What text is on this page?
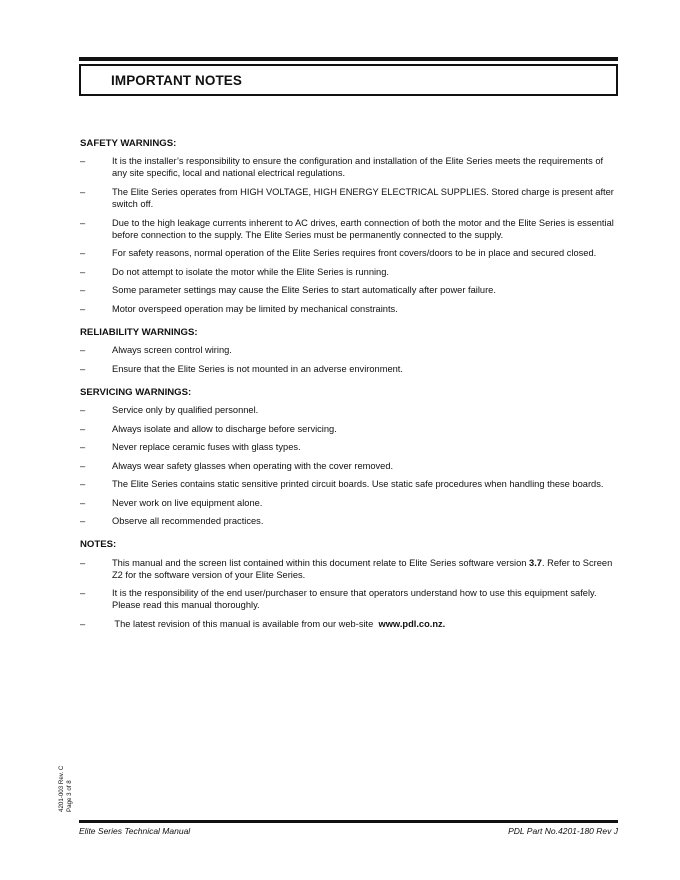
IMPORTANT NOTES
SAFETY WARNINGS:
–	It is the installer’s responsibility to ensure the configuration and installation of the Elite Series meets the requirements of any site specific, local and national electrical regulations.
–	The Elite Series operates from HIGH VOLTAGE, HIGH ENERGY ELECTRICAL SUPPLIES. Stored charge is present after switch off.
–	Due to the high leakage currents inherent to AC drives, earth connection of both the motor and the Elite Series is essential before connection to the supply. The Elite Series must be permanently connected to the supply.
–	For safety reasons, normal operation of the Elite Series requires front covers/doors to be in place and secured closed.
–	Do not attempt to isolate the motor while the Elite Series is running.
–	Some parameter settings may cause the Elite Series to start automatically after power failure.
–	Motor overspeed operation may be limited by mechanical constraints.
RELIABILITY WARNINGS:
–	Always screen control wiring.
–	Ensure that the Elite Series is not mounted in an adverse environment.
SERVICING WARNINGS:
–	Service only by qualified personnel.
–	Always isolate and allow to discharge before servicing.
–	Never replace ceramic fuses with glass types.
–	Always wear safety glasses when operating with the cover removed.
–	The Elite Series contains static sensitive printed circuit boards. Use static safe procedures when handling these boards.
–	Never work on live equipment alone.
–	Observe all recommended practices.
NOTES:
–	This manual and the screen list contained within this document relate to Elite Series software version 3.7. Refer to Screen Z2 for the software version of your Elite Series.
–	It is the responsibility of the end user/purchaser to ensure that operators understand how to use this equipment safely. Please read this manual thoroughly.
–	The latest revision of this manual is available from our web-site  www.pdl.co.nz.
4201-003 Rev. C Page 3 of 8
Elite Series Technical Manual	PDL Part No.4201-180 Rev J
